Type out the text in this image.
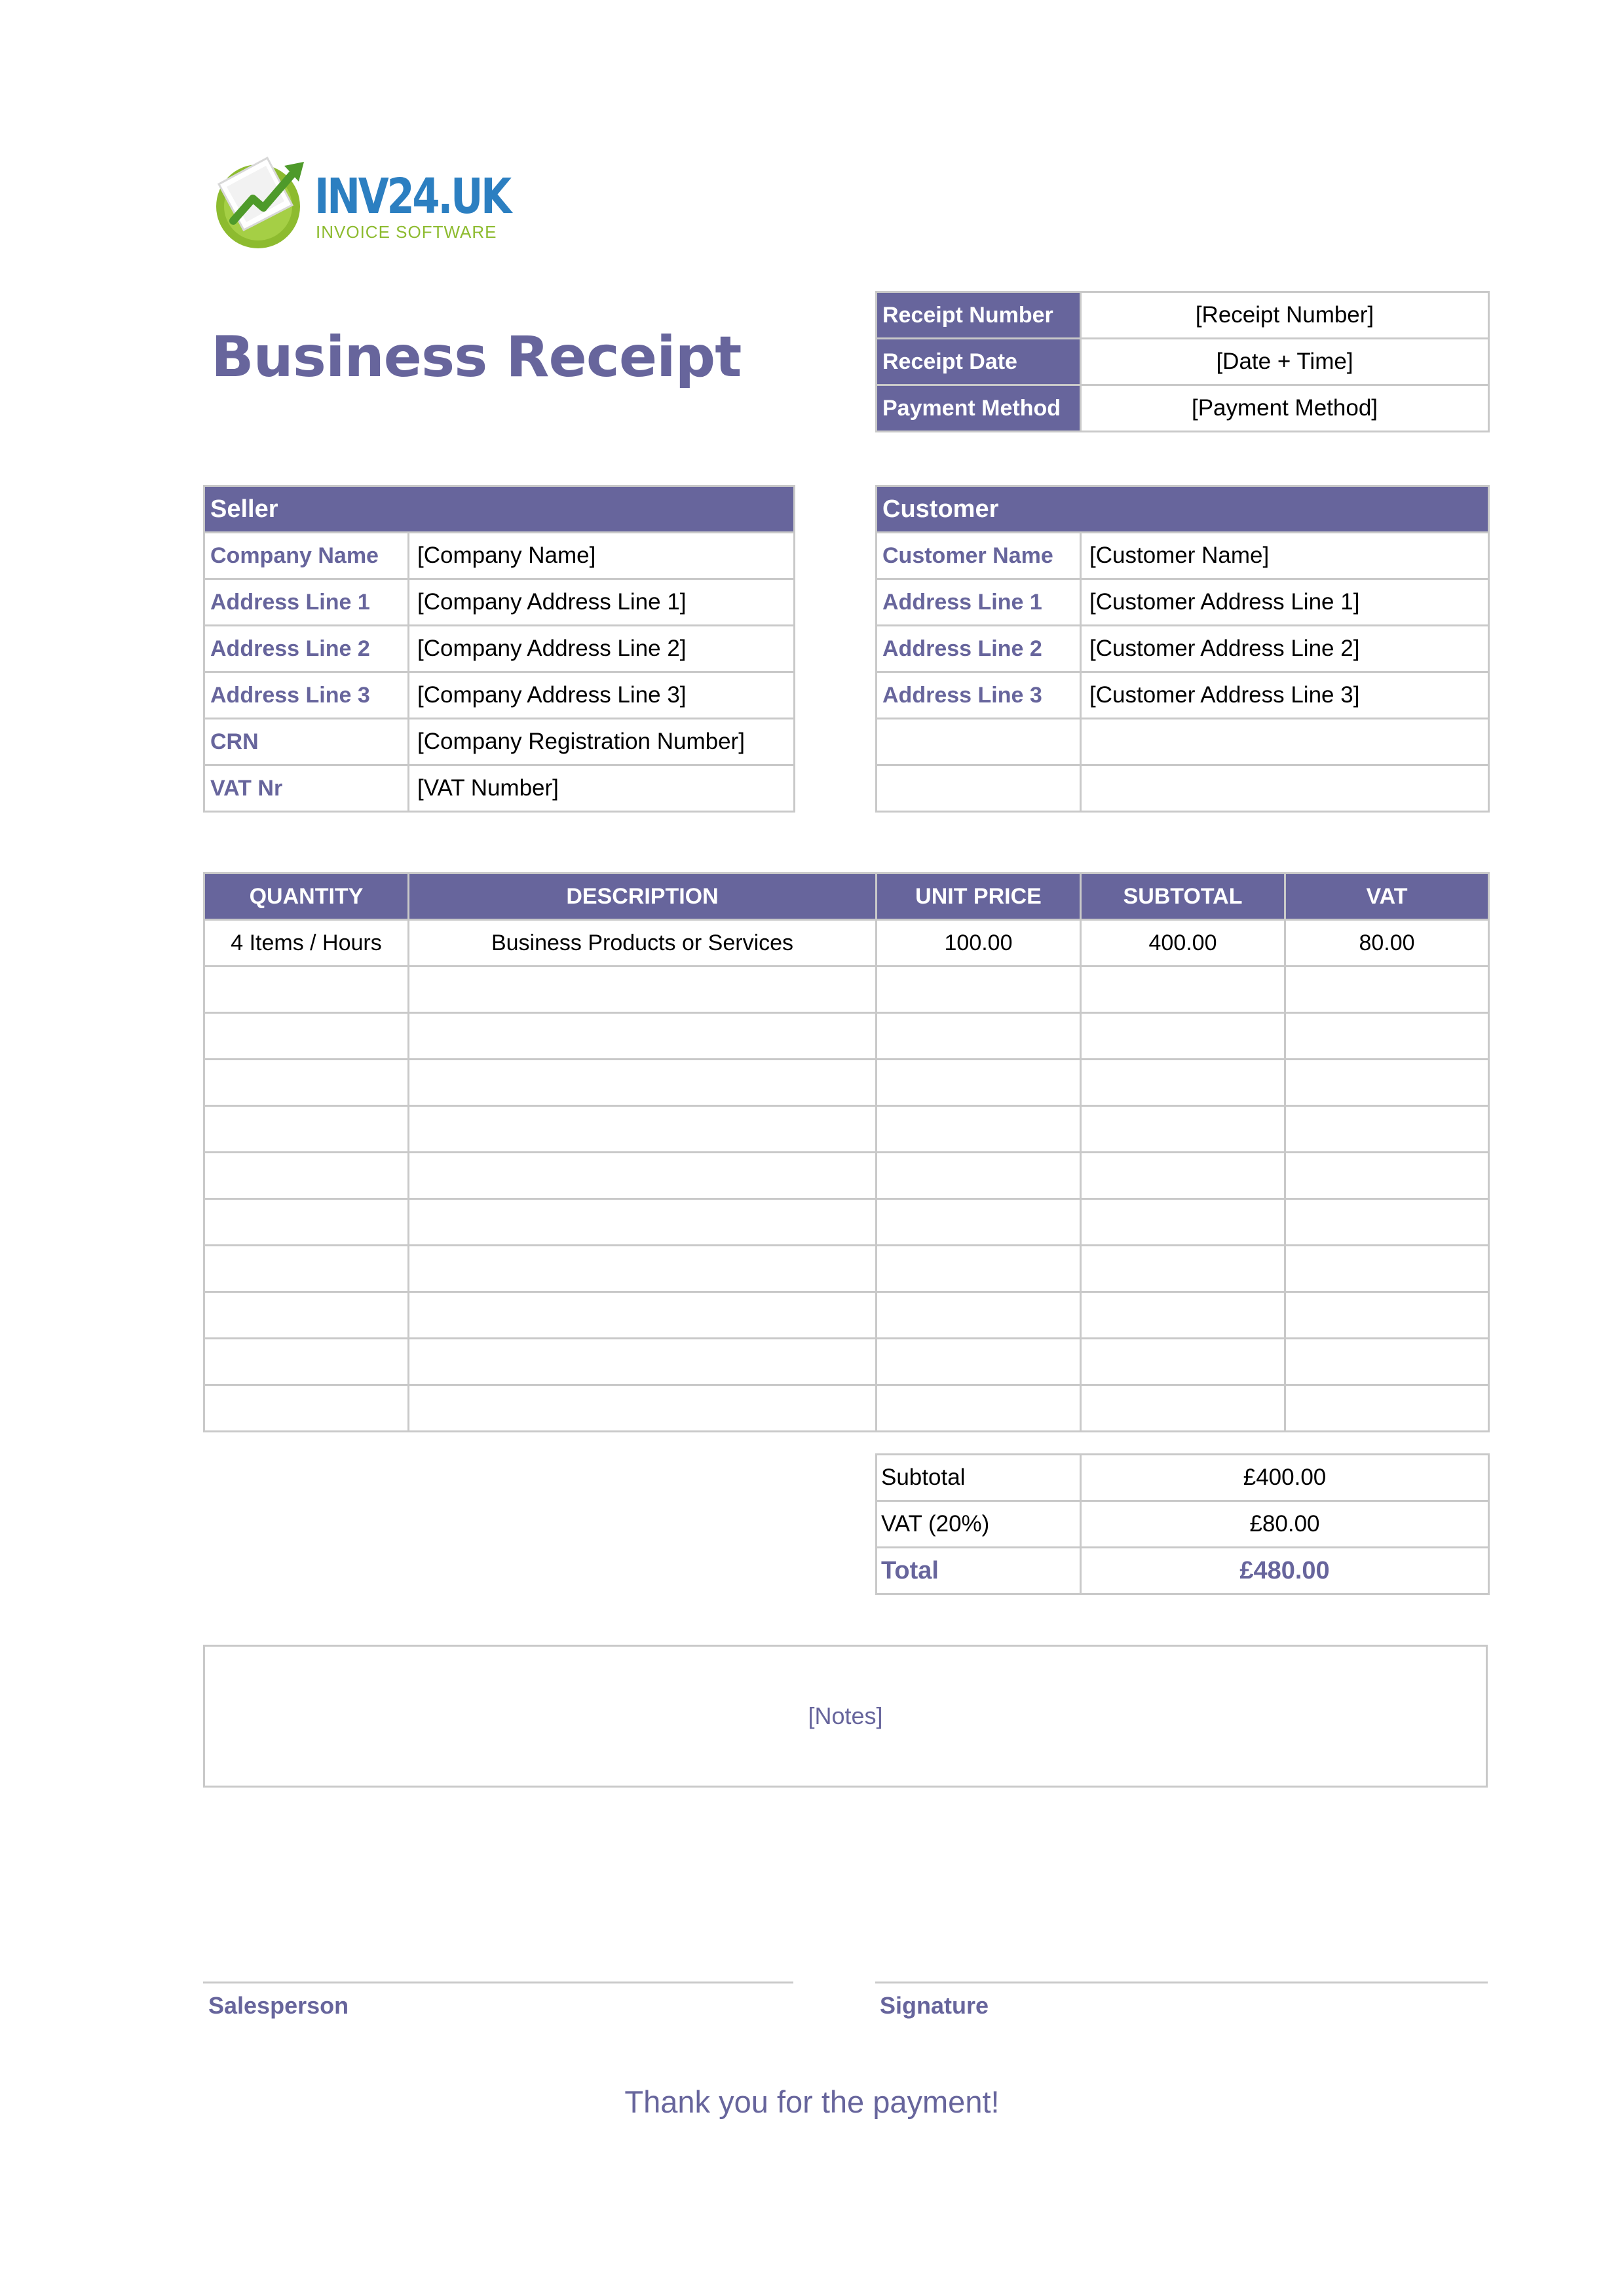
INV24.UK
INVOICE SOFTWARE
Business Receipt
Receipt Number	[Receipt Number]
Receipt Date	[Date + Time]
Payment Method	[Payment Method]
Seller	
Company Name	[Company Name]
Address Line 1	[Company Address Line 1]
Address Line 2	[Company Address Line 2]
Address Line 3	[Company Address Line 3]
CRN	[Company Registration Number]
VAT Nr	[VAT Number]
Customer	
Customer Name	[Customer Name]
Address Line 1	[Customer Address Line 1]
Address Line 2	[Customer Address Line 2]
Address Line 3	[Customer Address Line 3]

QUANTITY	DESCRIPTION	UNIT PRICE	SUBTOTAL	VAT
4 Items / Hours	Business Products or Services	100.00	400.00	80.00

Subtotal	£400.00
VAT (20%)	£80.00
Total	£480.00
[Notes]
Salesperson	Signature
Thank you for the payment!
